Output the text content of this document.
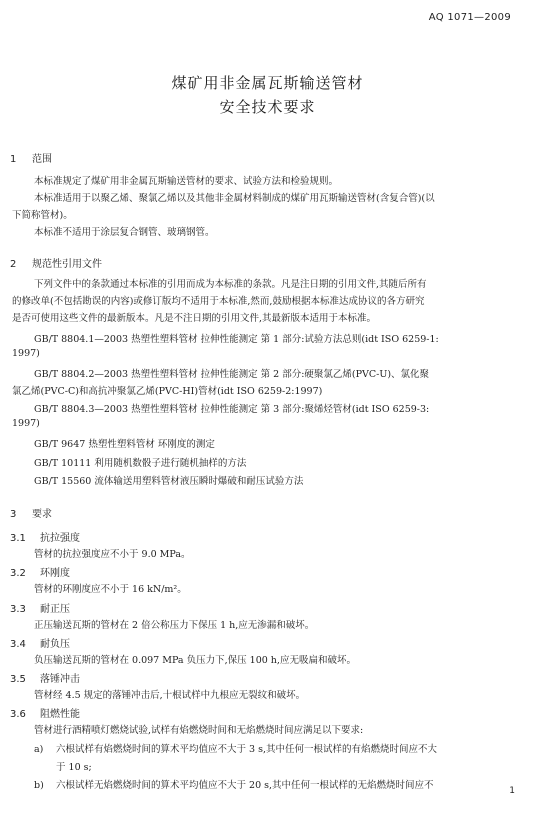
AQ 1071—2009
煤矿用非金属瓦斯输送管材
安全技术要求
1 范围
本标准规定了煤矿用非金属瓦斯输送管材的要求、试验方法和检验规则。
本标准适用于以聚乙烯、聚氯乙烯以及其他非金属材料制成的煤矿用瓦斯输送管材(含复合管)(以
下简称管材)。
本标准不适用于涂层复合钢管、玻璃钢管。
2 规范性引用文件
下列文件中的条款通过本标准的引用而成为本标准的条款。凡是注日期的引用文件,其随后所有
的修改单(不包括勘误的内容)或修订版均不适用于本标准,然而,鼓励根据本标准达成协议的各方研究
是否可使用这些文件的最新版本。凡是不注日期的引用文件,其最新版本适用于本标准。
GB/T 8804.1—2003 热塑性塑料管材 拉伸性能测定 第 1 部分:试验方法总则(idt ISO 6259-1:
1997)
GB/T 8804.2—2003 热塑性塑料管材 拉伸性能测定 第 2 部分:硬聚氯乙烯(PVC-U)、氯化聚
氯乙烯(PVC-C)和高抗冲聚氯乙烯(PVC-HI)管材(idt ISO 6259-2:1997)
GB/T 8804.3—2003 热塑性塑料管材 拉伸性能测定 第 3 部分:聚烯烃管材(idt ISO 6259-3:
1997)
GB/T 9647 热塑性塑料管材 环刚度的测定
GB/T 10111 利用随机数骰子进行随机抽样的方法
GB/T 15560 流体输送用塑料管材液压瞬时爆破和耐压试验方法
3 要求
3.1 抗拉强度
管材的抗拉强度应不小于 9.0 MPa。
3.2 环刚度
管材的环刚度应不小于 16 kN/m²。
3.3 耐正压
正压输送瓦斯的管材在 2 倍公称压力下保压 1 h,应无渗漏和破坏。
3.4 耐负压
负压输送瓦斯的管材在 0.097 MPa 负压力下,保压 100 h,应无吸扁和破坏。
3.5 落锤冲击
管材经 4.5 规定的落锤冲击后,十根试样中九根应无裂纹和破坏。
3.6 阻燃性能
管材进行酒精喷灯燃烧试验,试样有焰燃烧时间和无焰燃烧时间应满足以下要求:
a) 六根试样有焰燃烧时间的算术平均值应不大于 3 s,其中任何一根试样的有焰燃烧时间应不大
于 10 s;
b) 六根试样无焰燃烧时间的算术平均值应不大于 20 s,其中任何一根试样的无焰燃烧时间应不	1
